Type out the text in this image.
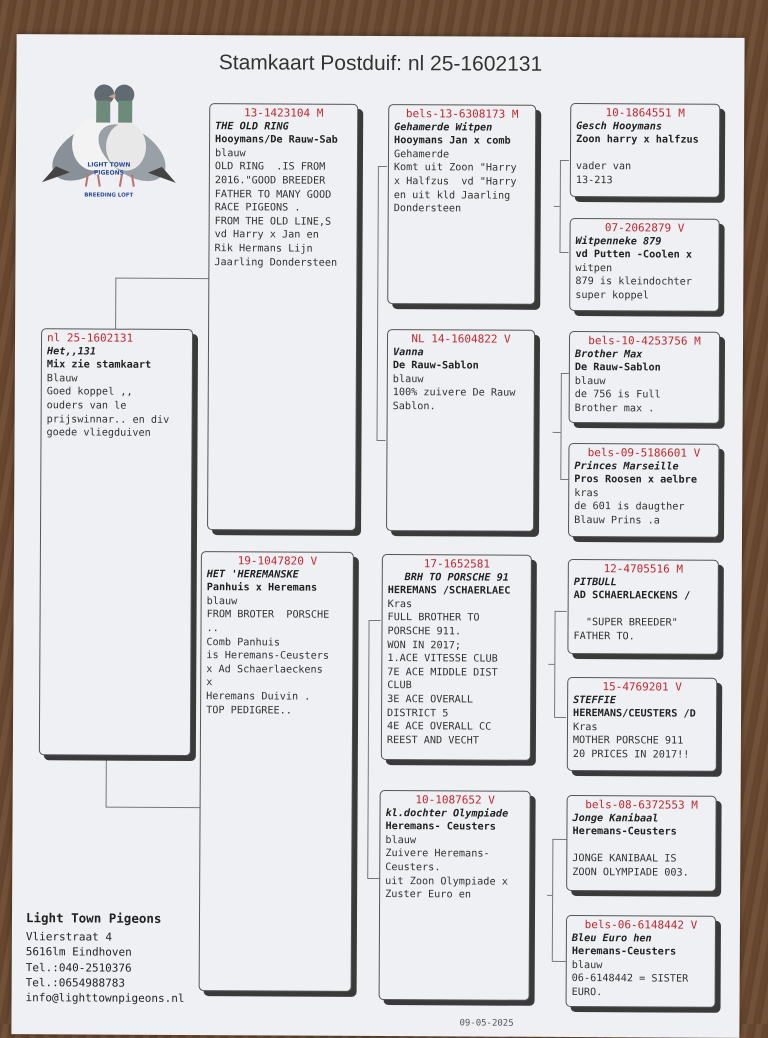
Stamkaart Postduif: nl 25-1602131
LIGHT TOWN
PIGEONS
BREEDING LOFT
nl 25-1602131
Het,,131
Mix zie stamkaart
Blauw
Goed koppel ,,
ouders van le
prijswinnar.. en div
goede vliegduiven
13-1423104 M
THE OLD RING
Hooymans/De Rauw-Sab
blauw
OLD RING  .IS FROM
2016."GOOD BREEDER
FATHER TO MANY GOOD
RACE PIGEONS .
FROM THE OLD LINE,S
vd Harry x Jan en
Rik Hermans Lijn
Jaarling Dondersteen
19-1047820 V
HET 'HEREMANSKE
Panhuis x Heremans
blauw
FROM BROTER  PORSCHE
..
Comb Panhuis
is Heremans-Ceusters
x Ad Schaerlaeckens
x
Heremans Duivin .
TOP PEDIGREE..
bels-13-6308173 M
Gehamerde Witpen
Hooymans Jan x comb
Gehamerde
Komt uit Zoon "Harry
x Halfzus  vd "Harry
en uit kld Jaarling
Dondersteen
NL 14-1604822 V
Vanna
De Rauw-Sablon
blauw
100% zuivere De Rauw
Sablon.
17-1652581
BRH TO PORSCHE 91
HEREMANS /SCHAERLAEC
Kras
FULL BROTHER TO
PORSCHE 911.
WON IN 2017;
1.ACE VITESSE CLUB
7E ACE MIDDLE DIST
CLUB
3E ACE OVERALL
DISTRICT 5
4E ACE OVERALL CC
REEST AND VECHT
10-1087652 V
kl.dochter Olympiade
Heremans- Ceusters
blauw
Zuivere Heremans-
Ceusters.
uit Zoon Olympiade x
Zuster Euro en
10-1864551 M
Gesch Hooymans
Zoon harry x halfzus

vader van
13-213
07-2062879 V
Witpenneke 879
vd Putten -Coolen x
witpen
879 is kleindochter
super koppel
bels-10-4253756 M
Brother Max
De Rauw-Sablon
blauw
de 756 is Full
Brother max .
bels-09-5186601 V
Princes Marseille
Pros Roosen x aelbre
kras
de 601 is daugther
Blauw Prins .a
12-4705516 M
PITBULL
AD SCHAERLAECKENS /

"SUPER BREEDER"
FATHER TO.
15-4769201 V
STEFFIE
HEREMANS/CEUSTERS /D
Kras
MOTHER PORSCHE 911
20 PRICES IN 2017!!
bels-08-6372553 M
Jonge Kanibaal
Heremans-Ceusters

JONGE KANIBAAL IS
ZOON OLYMPIADE 003.
bels-06-6148442 V
Bleu Euro hen
Heremans-Ceusters
blauw
06-6148442 = SISTER
EURO.
Light Town Pigeons
Vlierstraat 4
5616lm Eindhoven
Tel.:040-2510376
Tel.:0654988783
info@lighttownpigeons.nl
09-05-2025
